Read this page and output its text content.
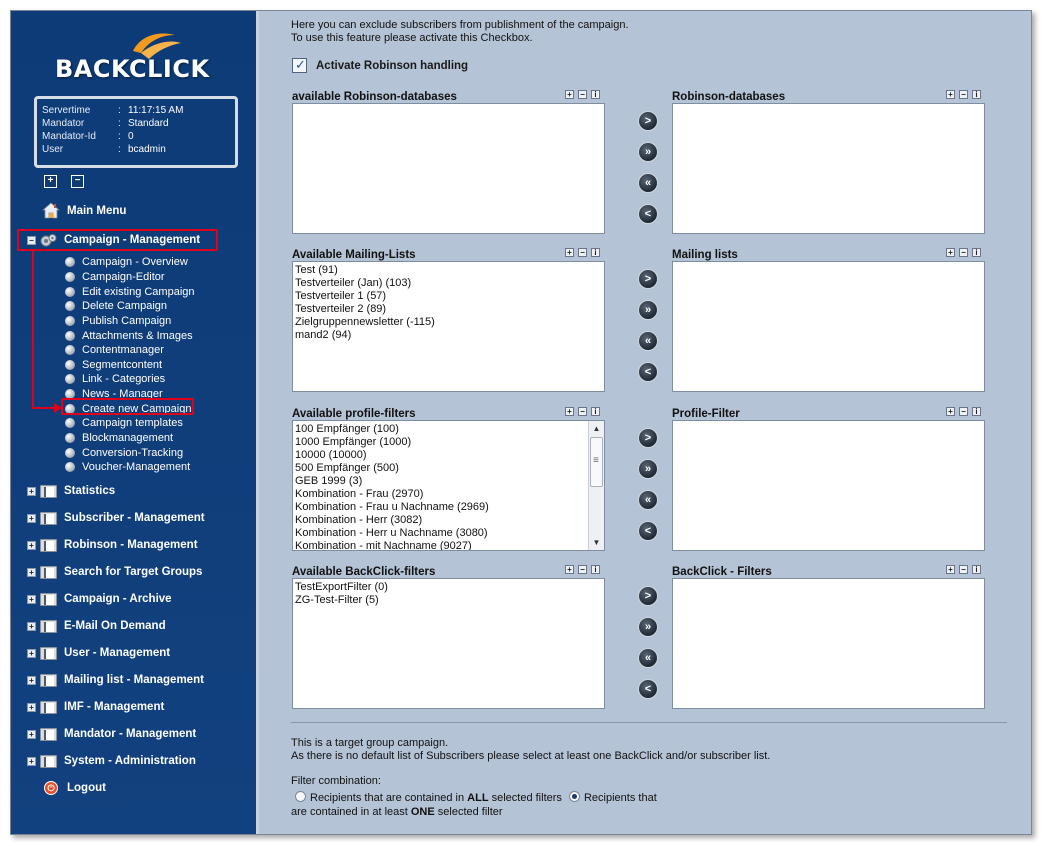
BACKCLICK
Servertime	: 11:17:15 AM
Mandator	: Standard
Mandator-Id	: 0
User	: bcadmin
+	−
Main Menu
−	Campaign - Management
Campaign - Overview
Campaign-Editor
Edit existing Campaign
Delete Campaign
Publish Campaign
Attachments & Images
Contentmanager
Segmentcontent
Link - Categories
News - Manager
Create new Campaign
Campaign templates
Blockmanagement
Conversion-Tracking
Voucher-Management
+	Statistics
+	Subscriber - Management
+	Robinson - Management
+	Search for Target Groups
+	Campaign - Archive
+	E-Mail On Demand
+	User - Management
+	Mailing list - Management
+	IMF - Management
+	Mandator - Management
+	System - Administration
⏻ Logout
Here you can exclude subscribers from publishment of the campaign.
To use this feature please activate this Checkbox.
✓
Activate Robinson handling
available Robinson-databases	+ −	i	Robinson-databases	+ −	i
>
»
«
<
Available Mailing-Lists	+ −	i
Test (91)
Testverteiler (Jan) (103)
Testverteiler 1 (57)
Testverteiler 2 (89)
Zielgruppennewsletter (-115)
mand2 (94)
Mailing lists	+ −	i
>
»
«
<
Available profile-filters	+ −	i
100 Empfänger (100)
1000 Empfänger (1000)
10000 (10000)
500 Empfänger (500)
GEB 1999 (3)
Kombination - Frau (2970)
Kombination - Frau u Nachname (2969)
Kombination - Herr (3082)
Kombination - Herr u Nachname (3080)
Kombination - mit Nachname (9027)
▲
≡
▼
Profile-Filter	+ −	i
>
»
«
<
Available BackClick-filters	+ −	i
TestExportFilter (0)
ZG-Test-Filter (5)
BackClick - Filters	+ −	i
>
»
«
<
This is a target group campaign.
As there is no default list of Subscribers please select at least one BackClick and/or subscriber list.
Filter combination:
Recipients that are contained in ALL selected filters Recipients that
are contained in at least ONE selected filter
